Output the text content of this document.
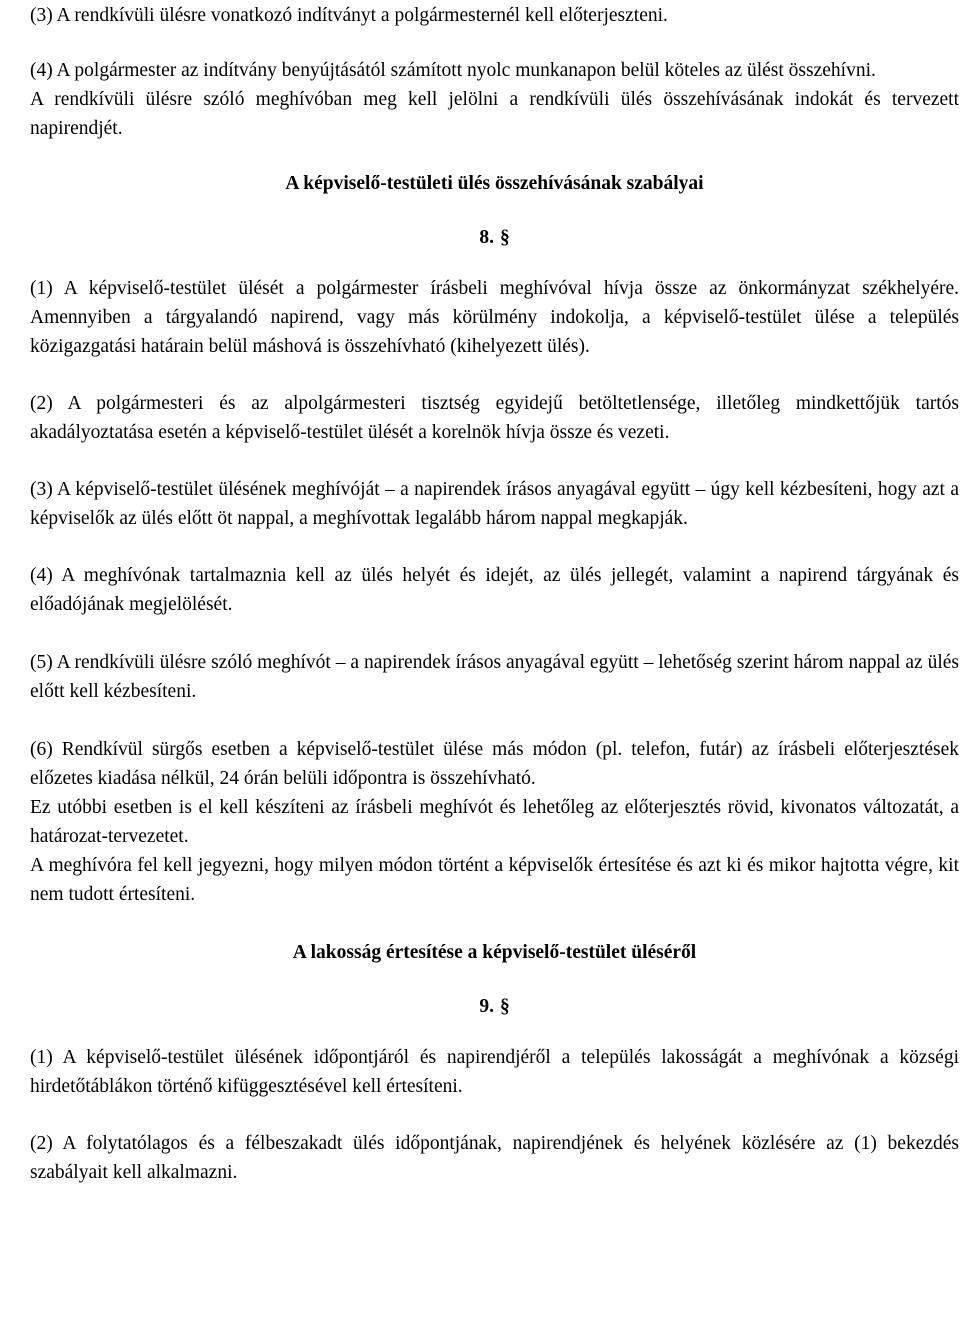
(3) A rendkívüli ülésre vonatkozó indítványt a polgármesternél kell előterjeszteni.

(4) A polgármester az indítvány benyújtásától számított nyolc munkanapon belül köteles az ülést összehívni.

A rendkívüli ülésre szóló meghívóban meg kell jelölni a rendkívüli ülés összehívásának indokát és tervezett napirendjét.

A képviselő-testületi ülés összehívásának szabályai

8. §

(1) A képviselő-testület ülését a polgármester írásbeli meghívóval hívja össze az önkormányzat székhelyére. Amennyiben a tárgyalandó napirend, vagy más körülmény indokolja, a képviselő-testület ülése a település közigazgatási határain belül máshová is összehívható (kihelyezett ülés).

(2) A polgármesteri és az alpolgármesteri tisztség egyidejű betöltetlensége, illetőleg mindkettőjük tartós akadályoztatása esetén a képviselő-testület ülését a korelnök hívja össze és vezeti.

(3) A képviselő-testület ülésének meghívóját – a napirendek írásos anyagával együtt – úgy kell kézbesíteni, hogy azt a képviselők az ülés előtt öt nappal, a meghívottak legalább három nappal megkapják.

(4) A meghívónak tartalmaznia kell az ülés helyét és idejét, az ülés jellegét, valamint a napirend tárgyának és előadójának megjelölését.

(5) A rendkívüli ülésre szóló meghívót – a napirendek írásos anyagával együtt – lehetőség szerint három nappal az ülés előtt kell kézbesíteni.

(6) Rendkívül sürgős esetben a képviselő-testület ülése más módon (pl. telefon, futár) az írásbeli előterjesztések előzetes kiadása nélkül, 24 órán belüli időpontra is összehívható.

Ez utóbbi esetben is el kell készíteni az írásbeli meghívót és lehetőleg az előterjesztés rövid, kivonatos változatát, a határozat-tervezetet.

A meghívóra fel kell jegyezni, hogy milyen módon történt a képviselők értesítése és azt ki és mikor hajtotta végre, kit nem tudott értesíteni.

A lakosság értesítése a képviselő-testület üléséről

9. §

(1) A képviselő-testület ülésének időpontjáról és napirendjéről a település lakosságát a meghívónak a községi hirdetőtáblákon történő kifüggesztésével kell értesíteni.

(2) A folytatólagos és a félbeszakadt ülés időpontjának, napirendjének és helyének közlésére az (1) bekezdés szabályait kell alkalmazni.
